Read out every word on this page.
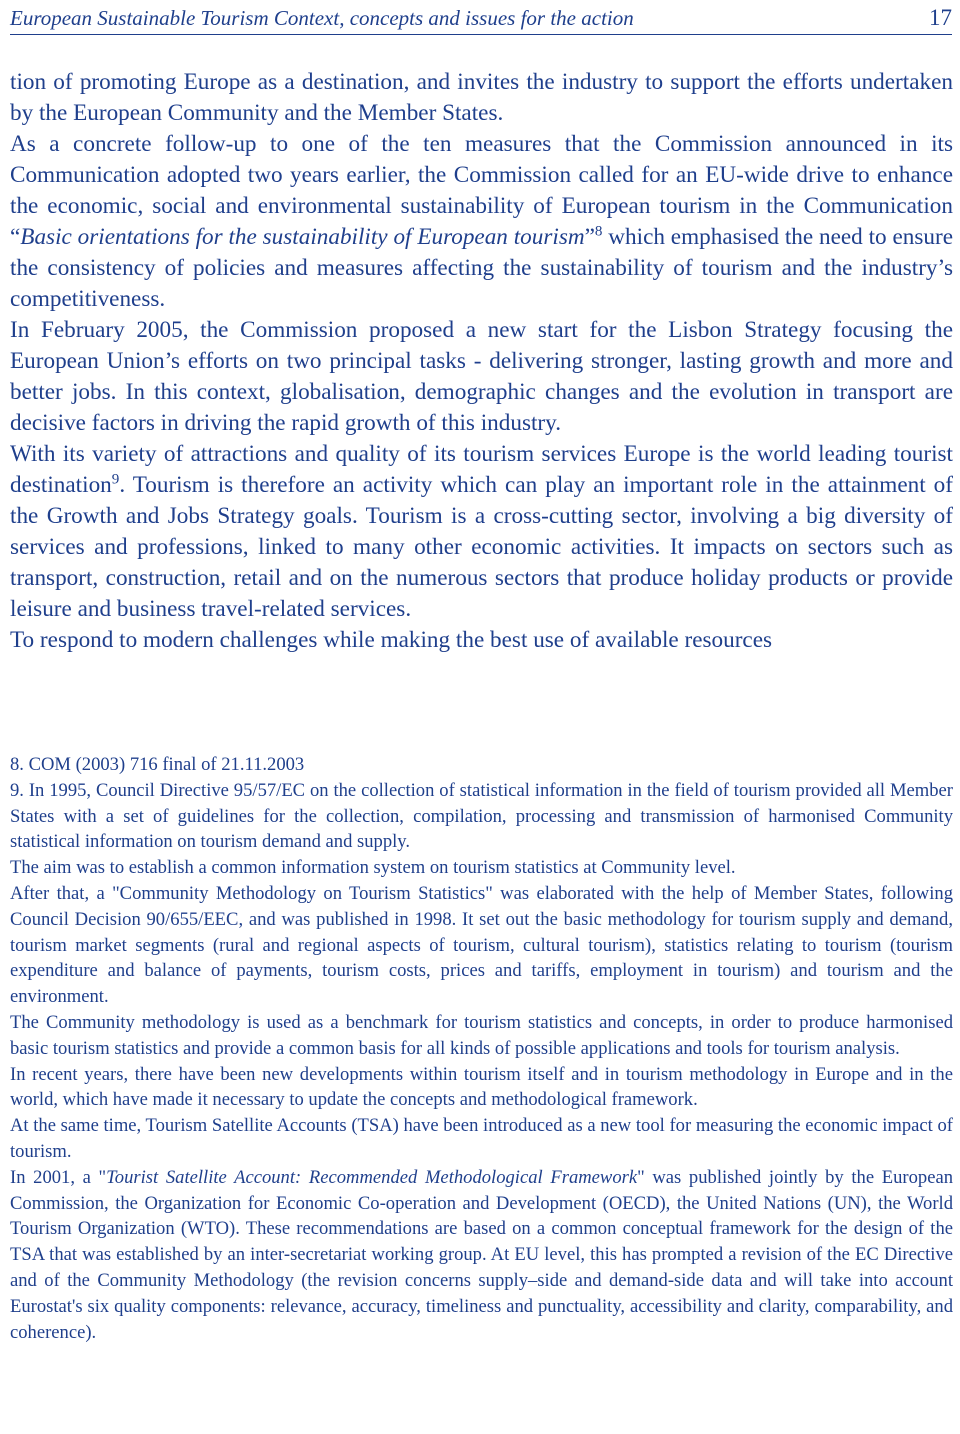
European Sustainable Tourism Context, concepts and issues for the action	17

tion of promoting Europe as a destination, and invites the industry to support the efforts undertaken by the European Community and the Member States.

As a concrete follow-up to one of the ten measures that the Commission announced in its Communication adopted two years earlier, the Commission called for an EU-wide drive to enhance the economic, social and environmental sustainability of European tourism in the Communication “Basic orientations for the sustainability of European tourism”$^8$ which emphasised the need to ensure the consistency of policies and measures affecting the sustainability of tourism and the industry’s competitiveness.

In February 2005, the Commission proposed a new start for the Lisbon Strategy focusing the European Union’s efforts on two principal tasks - delivering stronger, lasting growth and more and better jobs. In this context, globalisation, demographic changes and the evolution in transport are decisive factors in driving the rapid growth of this industry.

With its variety of attractions and quality of its tourism services Europe is the world leading tourist destination$^9$. Tourism is therefore an activity which can play an important role in the attainment of the Growth and Jobs Strategy goals. Tourism is a cross-cutting sector, involving a big diversity of services and professions, linked to many other economic activities. It impacts on sectors such as transport, construction, retail and on the numerous sectors that produce holiday products or provide leisure and business travel-related services.

To respond to modern challenges while making the best use of available resources

8. COM (2003) 716 final of 21.11.2003

9. In 1995, Council Directive 95/57/EC on the collection of statistical information in the field of tourism provided all Member States with a set of guidelines for the collection, compilation, processing and transmission of harmonised Community statistical information on tourism demand and supply.

The aim was to establish a common information system on tourism statistics at Community level.

After that, a "Community Methodology on Tourism Statistics" was elaborated with the help of Member States, following Council Decision 90/655/EEC, and was published in 1998. It set out the basic methodology for tourism supply and demand, tourism market segments (rural and regional aspects of tourism, cultural tourism), statistics relating to tourism (tourism expenditure and balance of payments, tourism costs, prices and tariffs, employment in tourism) and tourism and the environment.

The Community methodology is used as a benchmark for tourism statistics and concepts, in order to produce harmonised basic tourism statistics and provide a common basis for all kinds of possible applications and tools for tourism analysis.

In recent years, there have been new developments within tourism itself and in tourism methodology in Europe and in the world, which have made it necessary to update the concepts and methodological framework.

At the same time, Tourism Satellite Accounts (TSA) have been introduced as a new tool for measuring the economic impact of tourism.

In 2001, a "Tourist Satellite Account: Recommended Methodological Framework" was published jointly by the European Commission, the Organization for Economic Co-operation and Development (OECD), the United Nations (UN), the World Tourism Organization (WTO). These recommendations are based on a common conceptual framework for the design of the TSA that was established by an inter-secretariat working group. At EU level, this has prompted a revision of the EC Directive and of the Community Methodology (the revision concerns supply–side and demand-side data and will take into account Eurostat's six quality components: relevance, accuracy, timeliness and punctuality, accessibility and clarity, comparability, and coherence).
